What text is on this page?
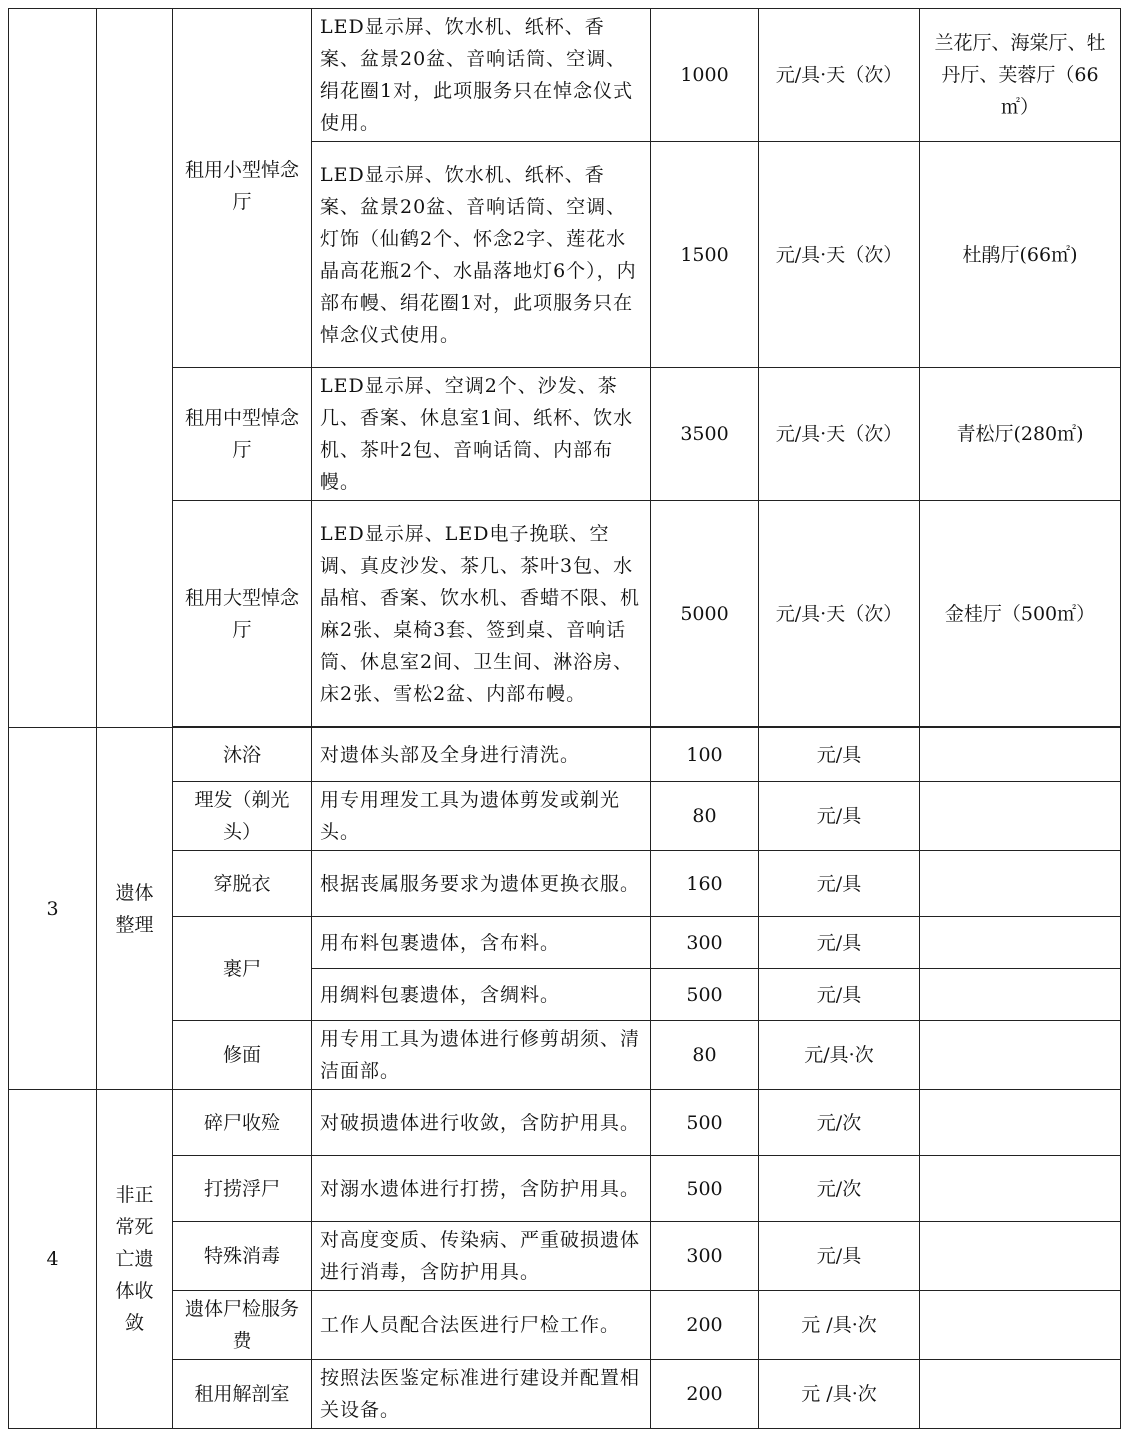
			LED显示屏、饮水机、纸杯、香案、盆景20盆、音响话筒、空调、绢花圈1对，此项服务只在悼念仪式使用。	1000	元/具·天（次）	兰花厅、海棠厅、牡丹厅、芙蓉厅（66㎡）
		租用小型悼念厅	LED显示屏、饮水机、纸杯、香案、盆景20盆、音响话筒、空调、灯饰（仙鹤2个、怀念2字、莲花水晶高花瓶2个、水晶落地灯6个），内部布幔、绢花圈1对，此项服务只在悼念仪式使用。	1500	元/具·天（次）	杜鹃厅(66㎡)
		租用中型悼念厅	LED显示屏、空调2个、沙发、茶几、香案、休息室1间、纸杯、饮水机、茶叶2包、音响话筒、内部布幔。	3500	元/具·天（次）	青松厅(280㎡)
		租用大型悼念厅	LED显示屏、LED电子挽联、空调、真皮沙发、茶几、茶叶3包、水晶棺、香案、饮水机、香蜡不限、机麻2张、桌椅3套、签到桌、音响话筒、休息室2间、卫生间、淋浴房、床2张、雪松2盆、内部布幔。	5000	元/具·天（次）	金桂厅（500㎡）

3	遗体整理	沐浴	对遗体头部及全身进行清洗。	100	元/具	
		理发（剃光头）	用专用理发工具为遗体剪发或剃光头。	80	元/具	
		穿脱衣	根据丧属服务要求为遗体更换衣服。	160	元/具	
		裹尸	用布料包裹遗体，含布料。	300	元/具	
			用绸料包裹遗体，含绸料。	500	元/具	
		修面	用专用工具为遗体进行修剪胡须、清洁面部。	80	元/具·次	
4	非正常死亡遗体收敛	碎尸收殓	对破损遗体进行收敛，含防护用具。	500	元/次	
		打捞浮尸	对溺水遗体进行打捞，含防护用具。	500	元/次	
		特殊消毒	对高度变质、传染病、严重破损遗体进行消毒，含防护用具。	300	元/具	
		遗体尸检服务费	工作人员配合法医进行尸检工作。	200	元 /具·次	
		租用解剖室	按照法医鉴定标准进行建设并配置相关设备。	200	元 /具·次	
